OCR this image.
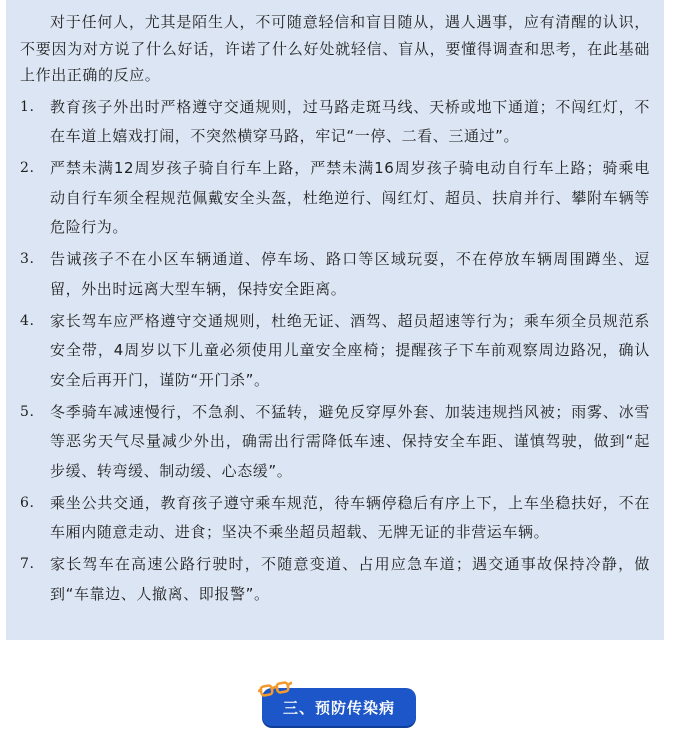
对于任何人，尤其是陌生人，不可随意轻信和盲目随从，遇人遇事，应有清醒的认识，不要因为对方说了什么好话，许诺了什么好处就轻信、盲从，要懂得调查和思考，在此基础上作出正确的反应。

1. 教育孩子外出时严格遵守交通规则，过马路走斑马线、天桥或地下通道；不闯红灯，不在车道上嬉戏打闹，不突然横穿马路，牢记“一停、二看、三通过”。
2. 严禁未满12周岁孩子骑自行车上路，严禁未满16周岁孩子骑电动自行车上路；骑乘电动自行车须全程规范佩戴安全头盔，杜绝逆行、闯红灯、超员、扶肩并行、攀附车辆等危险行为。
3. 告诫孩子不在小区车辆通道、停车场、路口等区域玩耍，不在停放车辆周围蹲坐、逗留，外出时远离大型车辆，保持安全距离。
4. 家长驾车应严格遵守交通规则，杜绝无证、酒驾、超员超速等行为；乘车须全员规范系安全带，4周岁以下儿童必须使用儿童安全座椅；提醒孩子下车前观察周边路况，确认安全后再开门，谨防“开门杀”。
5. 冬季骑车减速慢行，不急刹、不猛转，避免反穿厚外套、加装违规挡风被；雨雾、冰雪等恶劣天气尽量减少外出，确需出行需降低车速、保持安全车距、谨慎驾驶，做到“起步缓、转弯缓、制动缓、心态缓”。
6. 乘坐公共交通，教育孩子遵守乘车规范，待车辆停稳后有序上下，上车坐稳扶好，不在车厢内随意走动、进食；坚决不乘坐超员超载、无牌无证的非营运车辆。
7. 家长驾车在高速公路行驶时，不随意变道、占用应急车道；遇交通事故保持冷静，做到“车靠边、人撤离、即报警”。
三、预防传染病
